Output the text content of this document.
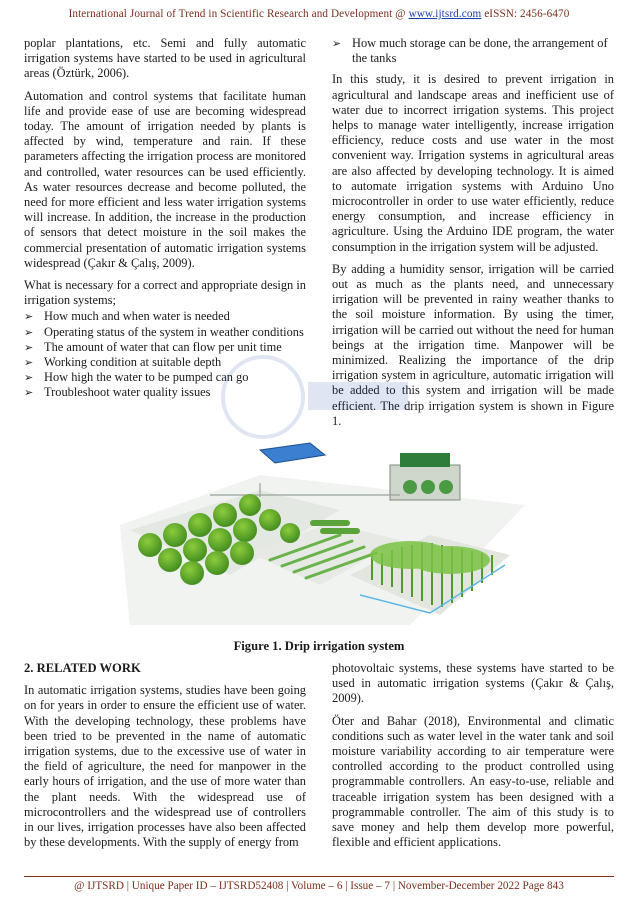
International Journal of Trend in Scientific Research and Development @ www.ijtsrd.com eISSN: 2456-6470

poplar plantations, etc. Semi and fully automatic irrigation systems have started to be used in agricultural areas (Öztürk, 2006).

Automation and control systems that facilitate human life and provide ease of use are becoming widespread today. The amount of irrigation needed by plants is affected by wind, temperature and rain. If these parameters affecting the irrigation process are monitored and controlled, water resources can be used efficiently. As water resources decrease and become polluted, the need for more efficient and less water irrigation systems will increase. In addition, the increase in the production of sensors that detect moisture in the soil makes the commercial presentation of automatic irrigation systems widespread (Çakır & Çalış, 2009).

What is necessary for a correct and appropriate design in irrigation systems;

➢ How much and when water is needed
➢ Operating status of the system in weather conditions
➢ The amount of water that can flow per unit time
➢ Working condition at suitable depth
➢ How high the water to be pumped can go
➢ Troubleshoot water quality issues
➢ How much storage can be done, the arrangement of the tanks

In this study, it is desired to prevent irrigation in agricultural and landscape areas and inefficient use of water due to incorrect irrigation systems. This project helps to manage water intelligently, increase irrigation efficiency, reduce costs and use water in the most convenient way. Irrigation systems in agricultural areas are also affected by developing technology. It is aimed to automate irrigation systems with Arduino Uno microcontroller in order to use water efficiently, reduce energy consumption, and increase efficiency in agriculture. Using the Arduino IDE program, the water consumption in the irrigation system will be adjusted.

By adding a humidity sensor, irrigation will be carried out as much as the plants need, and unnecessary irrigation will be prevented in rainy weather thanks to the soil moisture information. By using the timer, irrigation will be carried out without the need for human beings at the irrigation time. Manpower will be minimized. Realizing the importance of the drip irrigation system in agriculture, automatic irrigation will be added to this system and irrigation will be made efficient. The drip irrigation system is shown in Figure 1.

Figure 1. Drip irrigation system

2. RELATED WORK

In automatic irrigation systems, studies have been going on for years in order to ensure the efficient use of water. With the developing technology, these problems have been tried to be prevented in the name of automatic irrigation systems, due to the excessive use of water in the field of agriculture, the need for manpower in the early hours of irrigation, and the use of more water than the plant needs. With the widespread use of microcontrollers and the widespread use of controllers in our lives, irrigation processes have also been affected by these developments. With the supply of energy from

photovoltaic systems, these systems have started to be used in automatic irrigation systems (Çakır & Çalış, 2009).

Öter and Bahar (2018), Environmental and climatic conditions such as water level in the water tank and soil moisture variability according to air temperature were controlled according to the product controlled using programmable controllers. An easy-to-use, reliable and traceable irrigation system has been designed with a programmable controller. The aim of this study is to save money and help them develop more powerful, flexible and efficient applications.

@ IJTSRD | Unique Paper ID – IJTSRD52408 | Volume – 6 | Issue – 7 | November-December 2022 Page 843
